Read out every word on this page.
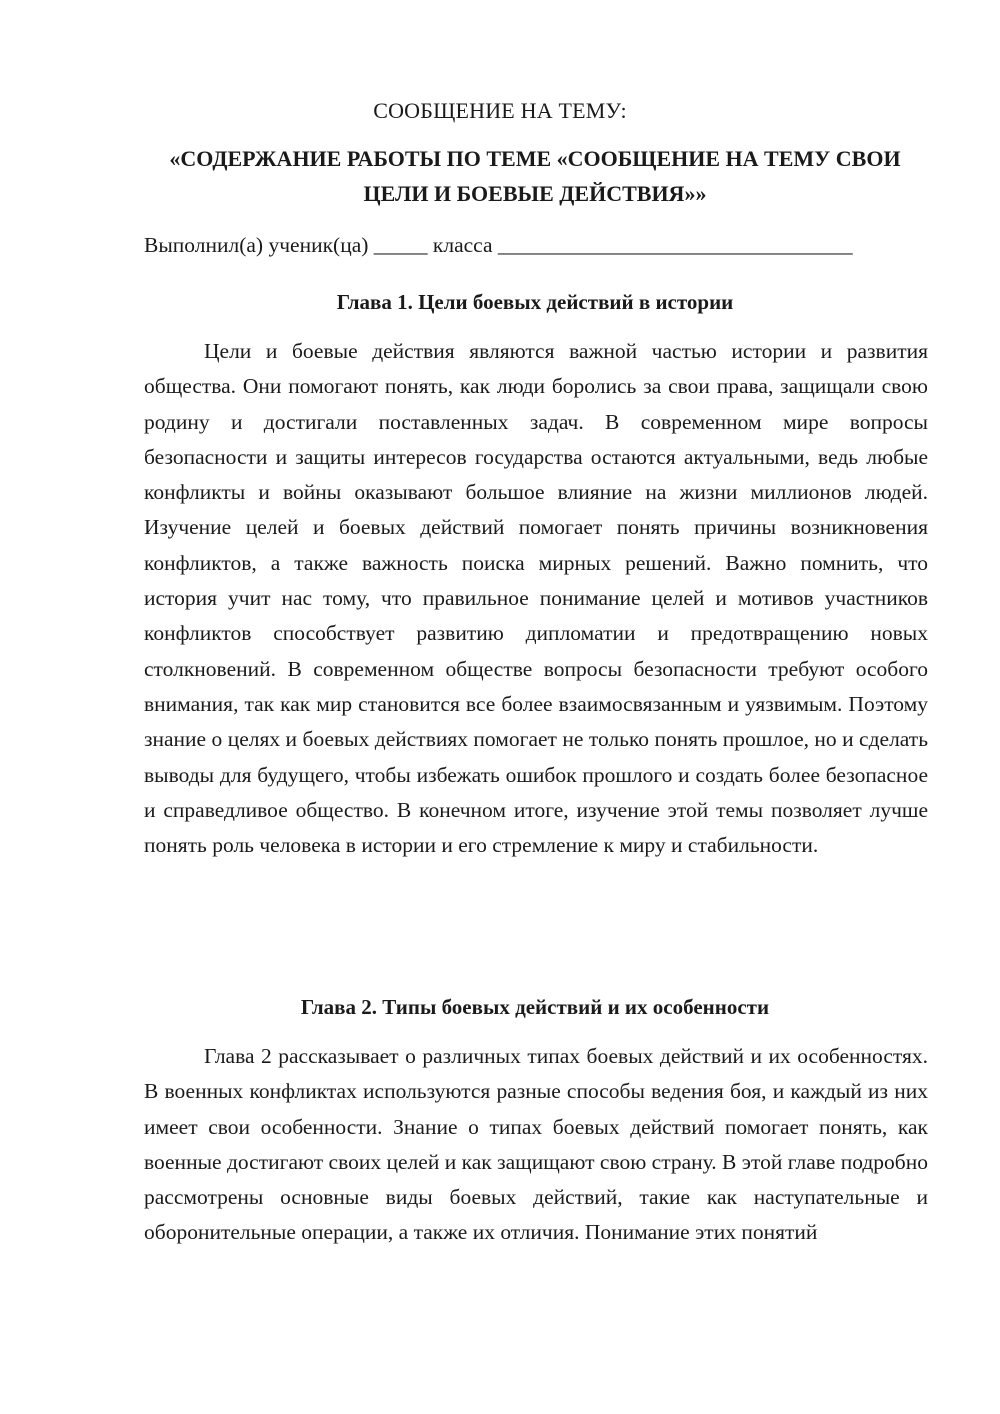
СООБЩЕНИЕ НА ТЕМУ:
«СОДЕРЖАНИЕ РАБОТЫ ПО ТЕМЕ «СООБЩЕНИЕ НА ТЕМУ СВОИ ЦЕЛИ И БОЕВЫЕ ДЕЙСТВИЯ»»
Выполнил(а) ученик(ца) _____ класса _________________________________
Глава 1. Цели боевых действий в истории

Цели и боевые действия являются важной частью истории и развития общества. Они помогают понять, как люди боролись за свои права, защищали свою родину и достигали поставленных задач. В современном мире вопросы безопасности и защиты интересов государства остаются актуальными, ведь любые конфликты и войны оказывают большое влияние на жизни миллионов людей. Изучение целей и боевых действий помогает понять причины возникновения конфликтов, а также важность поиска мирных решений. Важно помнить, что история учит нас тому, что правильное понимание целей и мотивов участников конфликтов способствует развитию дипломатии и предотвращению новых столкновений. В современном обществе вопросы безопасности требуют особого внимания, так как мир становится все более взаимосвязанным и уязвимым. Поэтому знание о целях и боевых действиях помогает не только понять прошлое, но и сделать выводы для будущего, чтобы избежать ошибок прошлого и создать более безопасное и справедливое общество. В конечном итоге, изучение этой темы позволяет лучше понять роль человека в истории и его стремление к миру и стабильности.

Глава 2. Типы боевых действий и их особенности

Глава 2 рассказывает о различных типах боевых действий и их особенностях. В военных конфликтах используются разные способы ведения боя, и каждый из них имеет свои особенности. Знание о типах боевых действий помогает понять, как военные достигают своих целей и как защищают свою страну. В этой главе подробно рассмотрены основные виды боевых действий, такие как наступательные и оборонительные операции, а также их отличия. Понимание этих понятий
